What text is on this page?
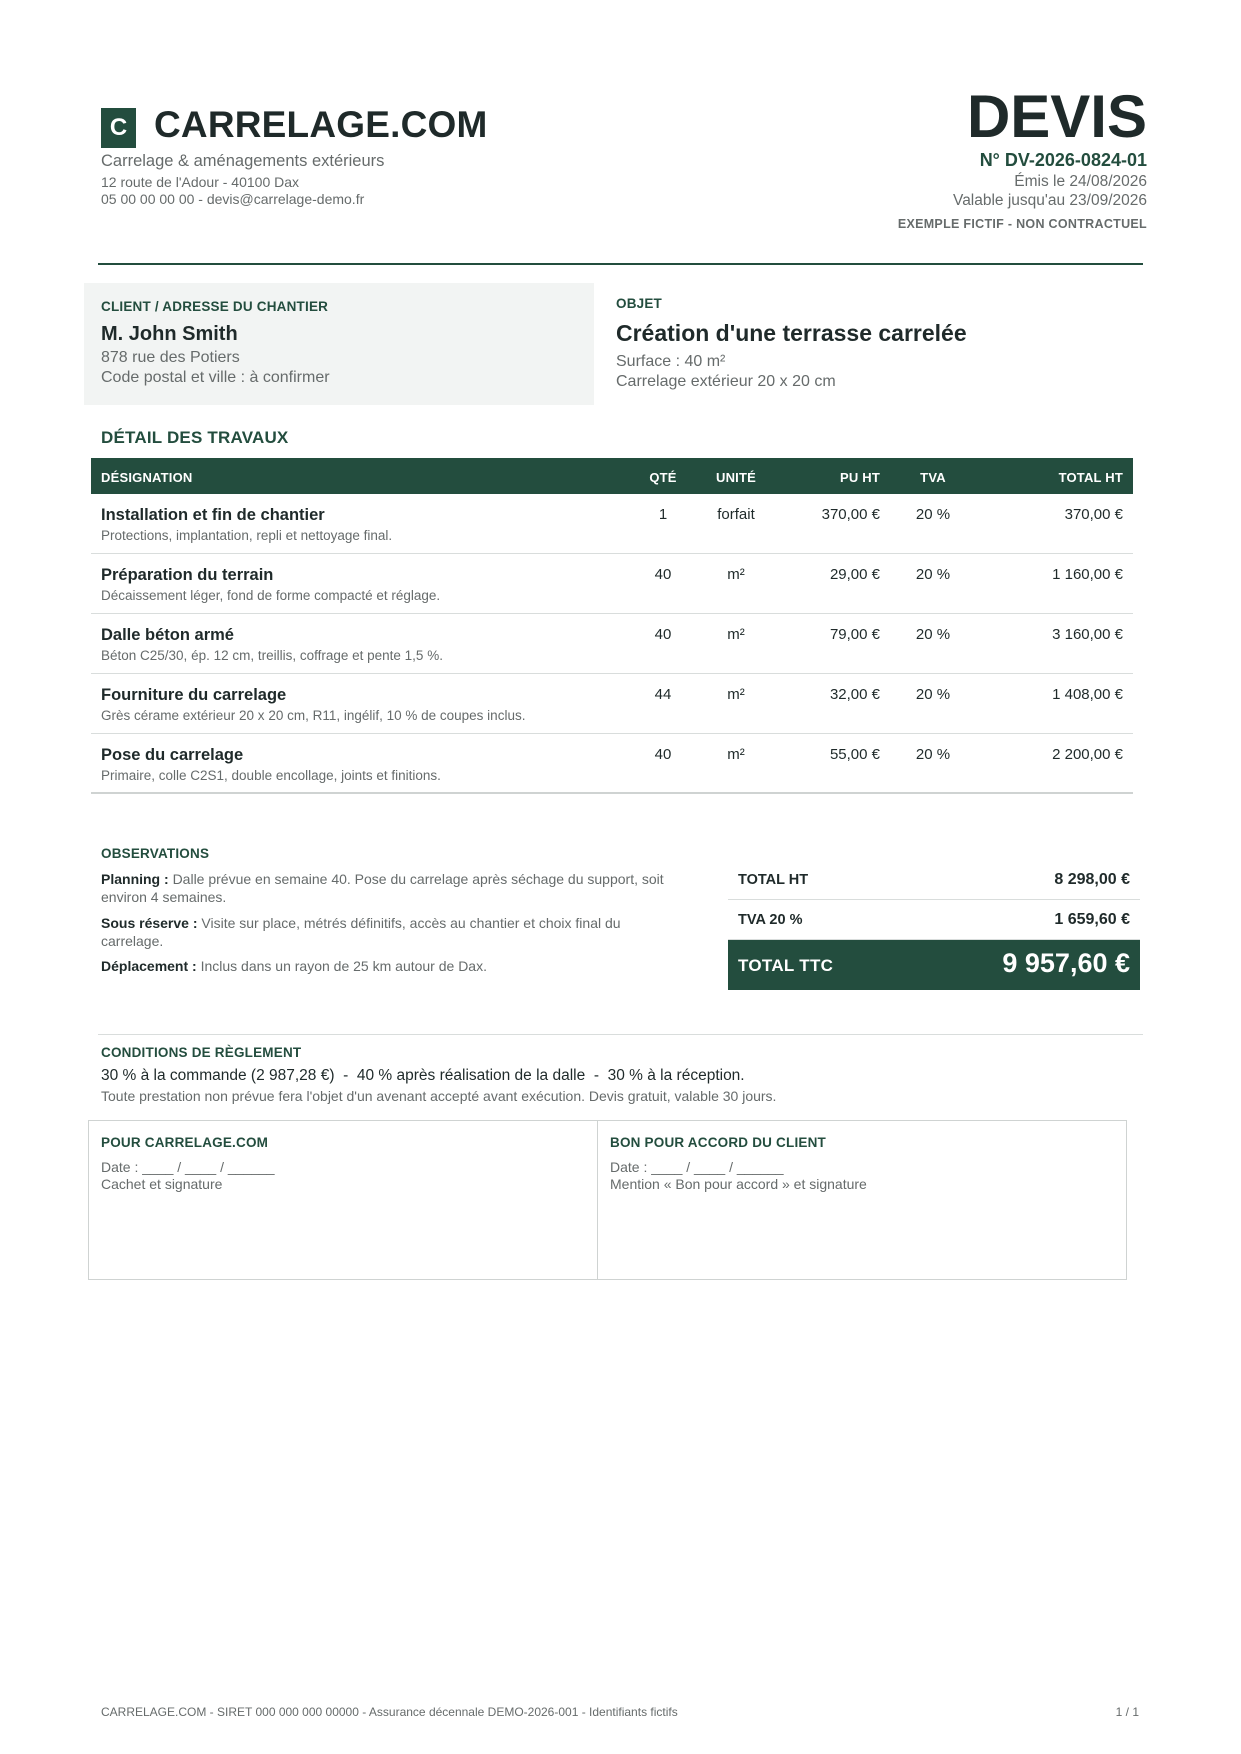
C CARRELAGE.COM
Carrelage & aménagements extérieurs
12 route de l'Adour - 40100 Dax
05 00 00 00 00 - devis@carrelage-demo.fr
DEVIS
N° DV-2026-0824-01
Émis le 24/08/2026
Valable jusqu'au 23/09/2026
EXEMPLE FICTIF - NON CONTRACTUEL
CLIENT / ADRESSE DU CHANTIER
M. John Smith
878 rue des Potiers
Code postal et ville : à confirmer
OBJET
Création d'une terrasse carrelée
Surface : 40 m²
Carrelage extérieur 20 x 20 cm
DÉTAIL DES TRAVAUX
DÉSIGNATION	QTÉ	UNITÉ	PU HT	TVA	TOTAL HT
Installation et fin de chantier
Protections, implantation, repli et nettoyage final.
1	forfait	370,00 €	20 %	370,00 €
Préparation du terrain
Décaissement léger, fond de forme compacté et réglage.
40	m²	29,00 €	20 %	1 160,00 €
Dalle béton armé
Béton C25/30, ép. 12 cm, treillis, coffrage et pente 1,5 %.
40	m²	79,00 €	20 %	3 160,00 €
Fourniture du carrelage
Grès cérame extérieur 20 x 20 cm, R11, ingélif, 10 % de coupes inclus.
44	m²	32,00 €	20 %	1 408,00 €
Pose du carrelage
Primaire, colle C2S1, double encollage, joints et finitions.
40	m²	55,00 €	20 %	2 200,00 €
OBSERVATIONS
Planning : Dalle prévue en semaine 40. Pose du carrelage après séchage du support, soit environ 4 semaines.
Sous réserve : Visite sur place, métrés définitifs, accès au chantier et choix final du carrelage.
Déplacement : Inclus dans un rayon de 25 km autour de Dax.
TOTAL HT	8 298,00 €
TVA 20 %	1 659,60 €
TOTAL TTC	9 957,60 €
CONDITIONS DE RÈGLEMENT
30 % à la commande (2 987,28 €)  -  40 % après réalisation de la dalle  -  30 % à la réception.
Toute prestation non prévue fera l'objet d'un avenant accepté avant exécution. Devis gratuit, valable 30 jours.
POUR CARRELAGE.COM
Date : ____ / ____ / ______
Cachet et signature
BON POUR ACCORD DU CLIENT
Date : ____ / ____ / ______
Mention « Bon pour accord » et signature
CARRELAGE.COM - SIRET 000 000 000 00000 - Assurance décennale DEMO-2026-001 - Identifiants fictifs	1 / 1
